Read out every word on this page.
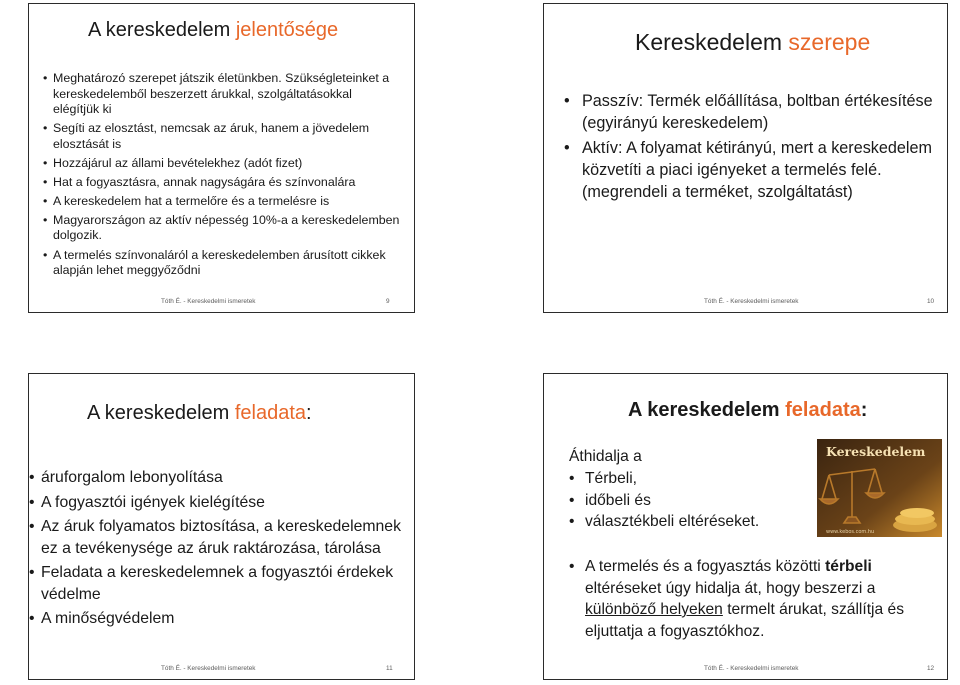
A kereskedelem jelentősége
• Meghatározó szerepet játszik életünkben. Szükségleteinket a kereskedelemből beszerzett árukkal, szolgáltatásokkal elégítjük ki
• Segíti az elosztást, nemcsak az áruk, hanem a jövedelem elosztását is
• Hozzájárul az állami bevételekhez (adót fizet)
• Hat a fogyasztásra, annak nagyságára és színvonalára
• A kereskedelem hat a termelőre és a termelésre is
• Magyarországon az aktív népesség 10%-a a kereskedelemben dolgozik.
• A termelés színvonaláról a kereskedelemben árusított cikkek alapján lehet meggyőződni
Tóth É. - Kereskedelmi ismeretek	9
Kereskedelem szerepe
• Passzív: Termék előállítása, boltban értékesítése (egyirányú kereskedelem)
• Aktív: A folyamat kétirányú, mert a kereskedelem közvetíti a piaci igényeket a termelés felé. (megrendeli a terméket, szolgáltatást)
Tóth É. - Kereskedelmi ismeretek	10
A kereskedelem feladata:
• áruforgalom lebonyolítása
• A fogyasztói igények kielégítése
• Az áruk folyamatos biztosítása, a kereskedelemnek ez a tevékenysége az áruk raktározása, tárolása
• Feladata a kereskedelemnek a fogyasztói érdekek védelme
• A minőségvédelem
Tóth É. - Kereskedelmi ismeretek	11
A kereskedelem feladata:
Áthidalja a
• Térbeli,
• időbeli és
• választékbeli eltéréseket.
• A termelés és a fogyasztás közötti térbeli eltéréseket úgy hidalja át, hogy beszerzi a különböző helyeken termelt árukat, szállítja és eljuttatja a fogyasztókhoz.
Kereskedelem
www.kebos.com.hu
Tóth É. - Kereskedelmi ismeretek	12
